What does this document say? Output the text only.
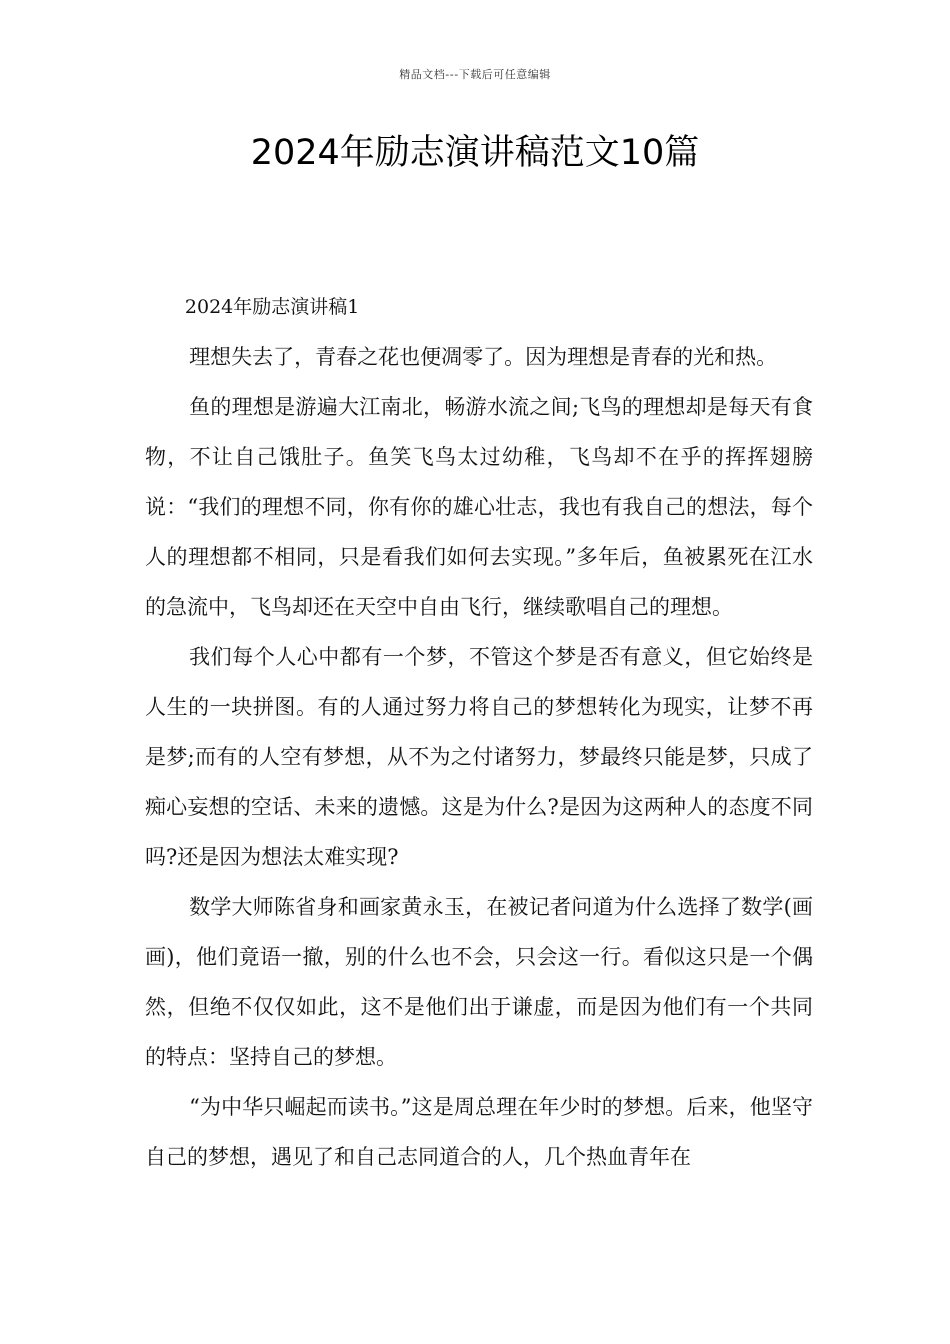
精品文档---下载后可任意编辑
2024年励志演讲稿范文10篇

2024年励志演讲稿1

理想失去了，青春之花也便凋零了。因为理想是青春的光和热。

鱼的理想是游遍大江南北，畅游水流之间;飞鸟的理想却是每天有食物，不让自己饿肚子。鱼笑飞鸟太过幼稚，飞鸟却不在乎的挥挥翅膀说：“我们的理想不同，你有你的雄心壮志，我也有我自己的想法，每个人的理想都不相同，只是看我们如何去实现。”多年后，鱼被累死在江水的急流中，飞鸟却还在天空中自由飞行，继续歌唱自己的理想。

我们每个人心中都有一个梦，不管这个梦是否有意义，但它始终是人生的一块拼图。有的人通过努力将自己的梦想转化为现实，让梦不再是梦;而有的人空有梦想，从不为之付诸努力，梦最终只能是梦，只成了痴心妄想的空话、未来的遗憾。这是为什么?是因为这两种人的态度不同吗?还是因为想法太难实现?

数学大师陈省身和画家黄永玉，在被记者问道为什么选择了数学(画画)，他们竟语一撤，别的什么也不会，只会这一行。看似这只是一个偶然，但绝不仅仅如此，这不是他们出于谦虚，而是因为他们有一个共同的特点：坚持自己的梦想。

“为中华只崛起而读书。”这是周总理在年少时的梦想。后来，他坚守自己的梦想，遇见了和自己志同道合的人，几个热血青年在
